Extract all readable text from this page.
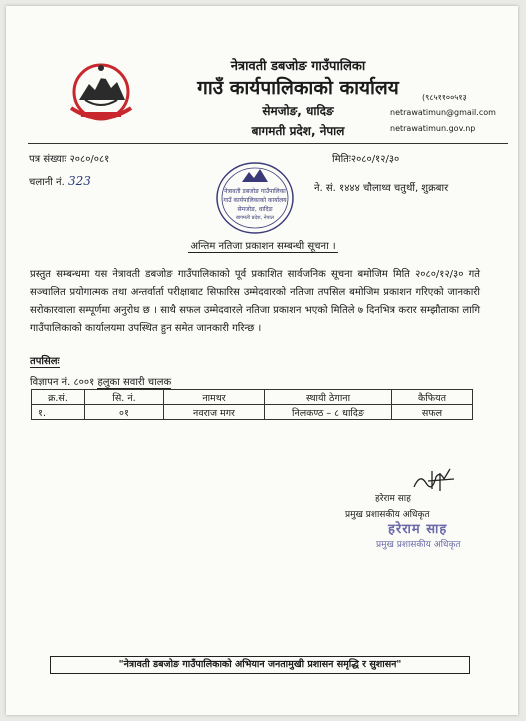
नेत्रावती डबजोङ गाउँपालिका
गाउँ कार्यपालिकाको कार्यालय
सेमजोङ, धादिङ
बागमती प्रदेश, नेपाल
(९८५११००५१३
netrawatimun@gmail.com
netrawatimun.gov.np
पत्र संख्याः २०८०/०८१	मितिः२०८०/१२/३०
चलानी नं. 323
ने. सं. १४४४ चौलाथ्व चतुर्थी, शुक्रबार
नेत्रावती डबजोङ गाउँपालिका
गाउँ कार्यपालिकाको कार्यालय
सेमजोङ, धादिङ
बागमती प्रदेश, नेपाल
अन्तिम नतिजा प्रकाशन सम्बन्धी सूचना ।
प्रस्तुत सम्बन्धमा यस नेत्रावती डबजोङ गाउँपालिकाको पूर्व प्रकाशित सार्वजनिक सूचना बमोजिम मिति २०८०/१२/३० गते सञ्चालित प्रयोगात्मक तथा अन्तर्वार्ता परीक्षाबाट सिफारिस उम्मेदवारको नतिजा तपसिल बमोजिम प्रकाशन गरिएको जानकारी सरोकारवाला सम्पूर्णमा अनुरोध छ । साथै सफल उम्मेदवारले नतिजा प्रकाशन भएको मितिले ७ दिनभित्र करार सम्झौताका लागि गाउँपालिकाको कार्यालयमा उपस्थित हुन समेत जानकारी गरिन्छ ।
तपसिलः
विज्ञापन नं. ८००१ हलुका सवारी चालक
क्र.सं.	सि. नं.	नामथर	स्थायी ठेगाना	कैफियत
१.	०१	नवराज मगर	निलकण्ठ – ८ धादिङ	सफल
हरेराम साह
प्रमुख प्रशासकीय अधिकृत
हरेराम साह
प्रमुख प्रशासकीय अधिकृत
"नेत्रावती डबजोङ गाउँपालिकाको अभियान जनतामुखी प्रशासन समृद्धि र सुशासन"
